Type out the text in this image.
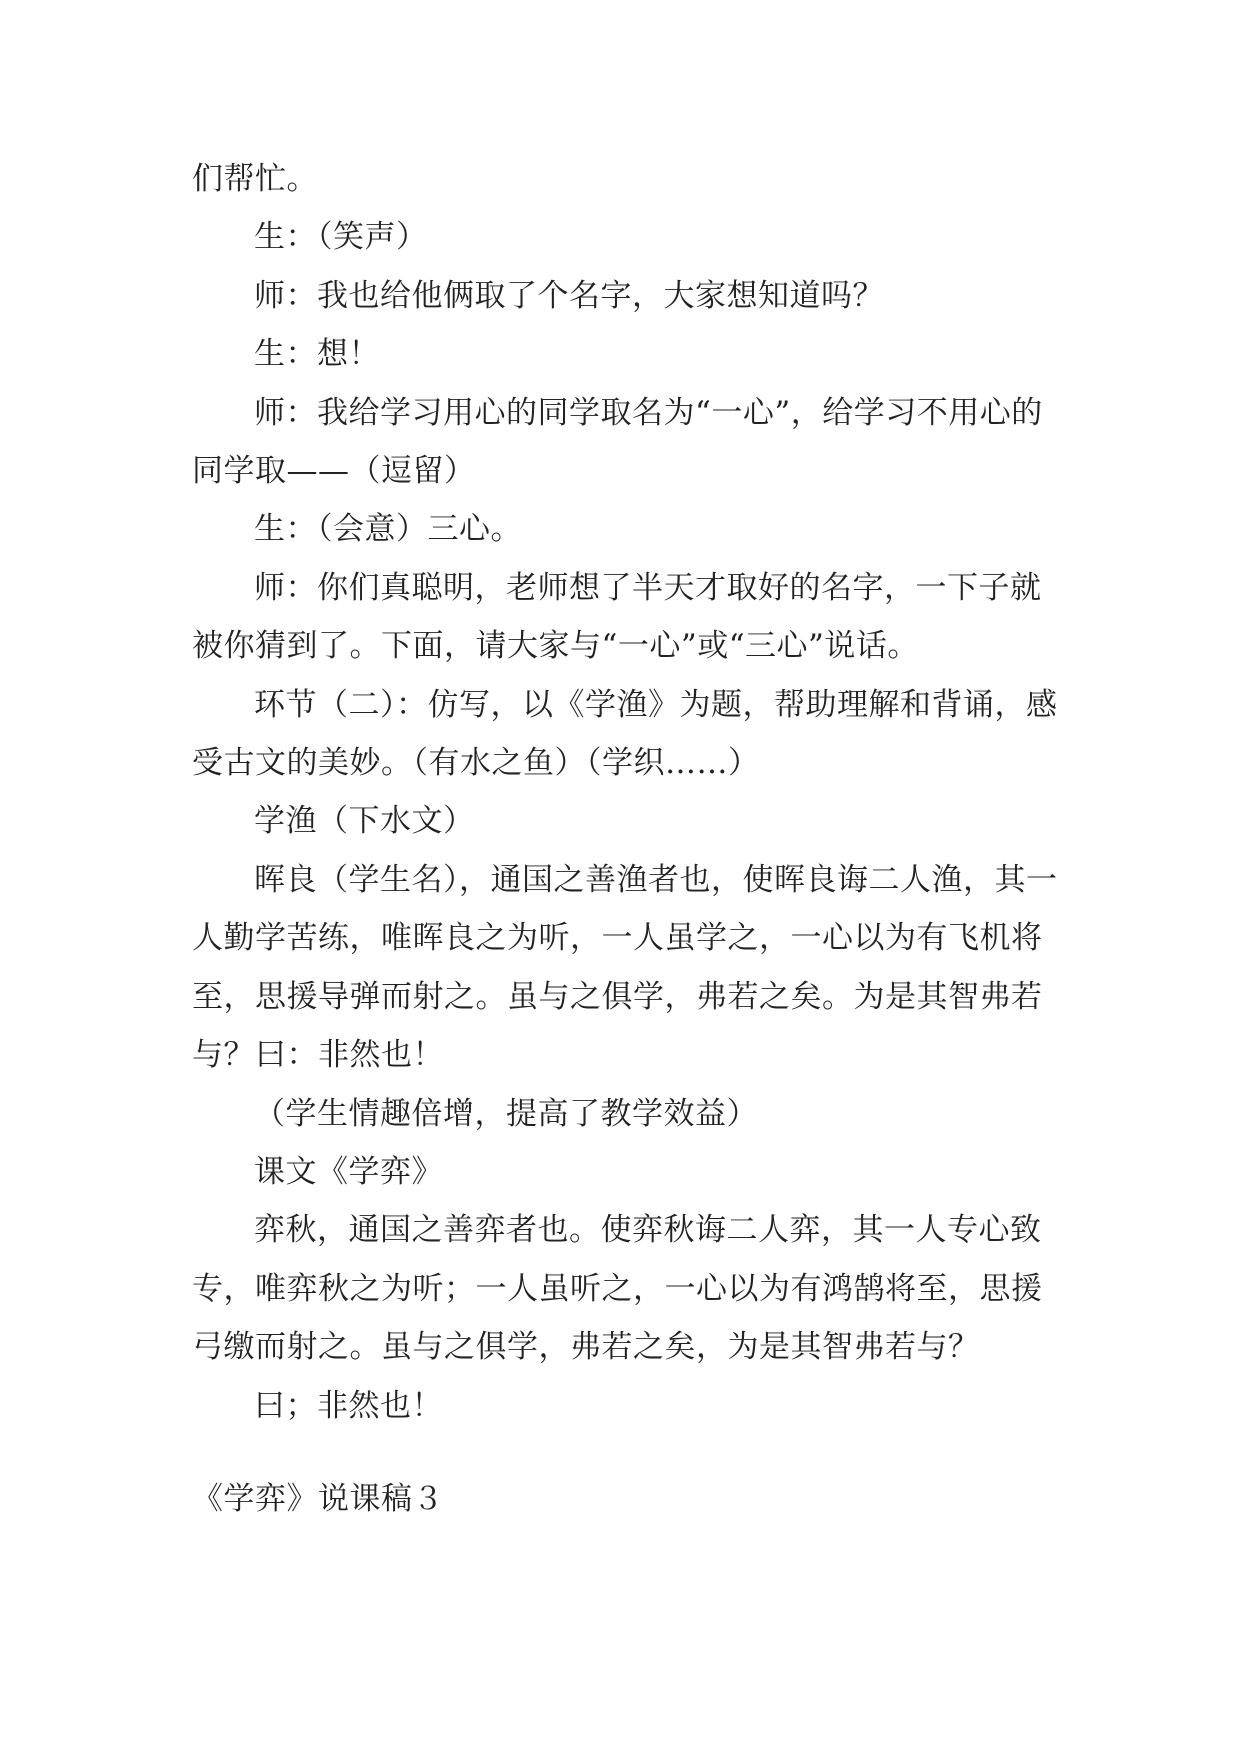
们帮忙。

生：（笑声）

师：我也给他俩取了个名字，大家想知道吗？

生：想！

师：我给学习用心的同学取名为“一心”，给学习不用心的同学取——（逗留）

生：（会意）三心。

师：你们真聪明，老师想了半天才取好的名字，一下子就被你猜到了。下面，请大家与“一心”或“三心”说话。

环节（二）：仿写，以《学渔》为题，帮助理解和背诵，感受古文的美妙。（有水之鱼）（学织……）

学渔（下水文）

晖良（学生名），通国之善渔者也，使晖良诲二人渔，其一人勤学苦练，唯晖良之为听，一人虽学之，一心以为有飞机将至，思援导弹而射之。虽与之俱学，弗若之矣。为是其智弗若与？曰：非然也！

（学生情趣倍增，提高了教学效益）

课文《学弈》

弈秋，通国之善弈者也。使弈秋诲二人弈，其一人专心致专，唯弈秋之为听；一人虽听之，一心以为有鸿鹄将至，思援弓缴而射之。虽与之俱学，弗若之矣，为是其智弗若与？

曰；非然也！

《学弈》说课稿３
